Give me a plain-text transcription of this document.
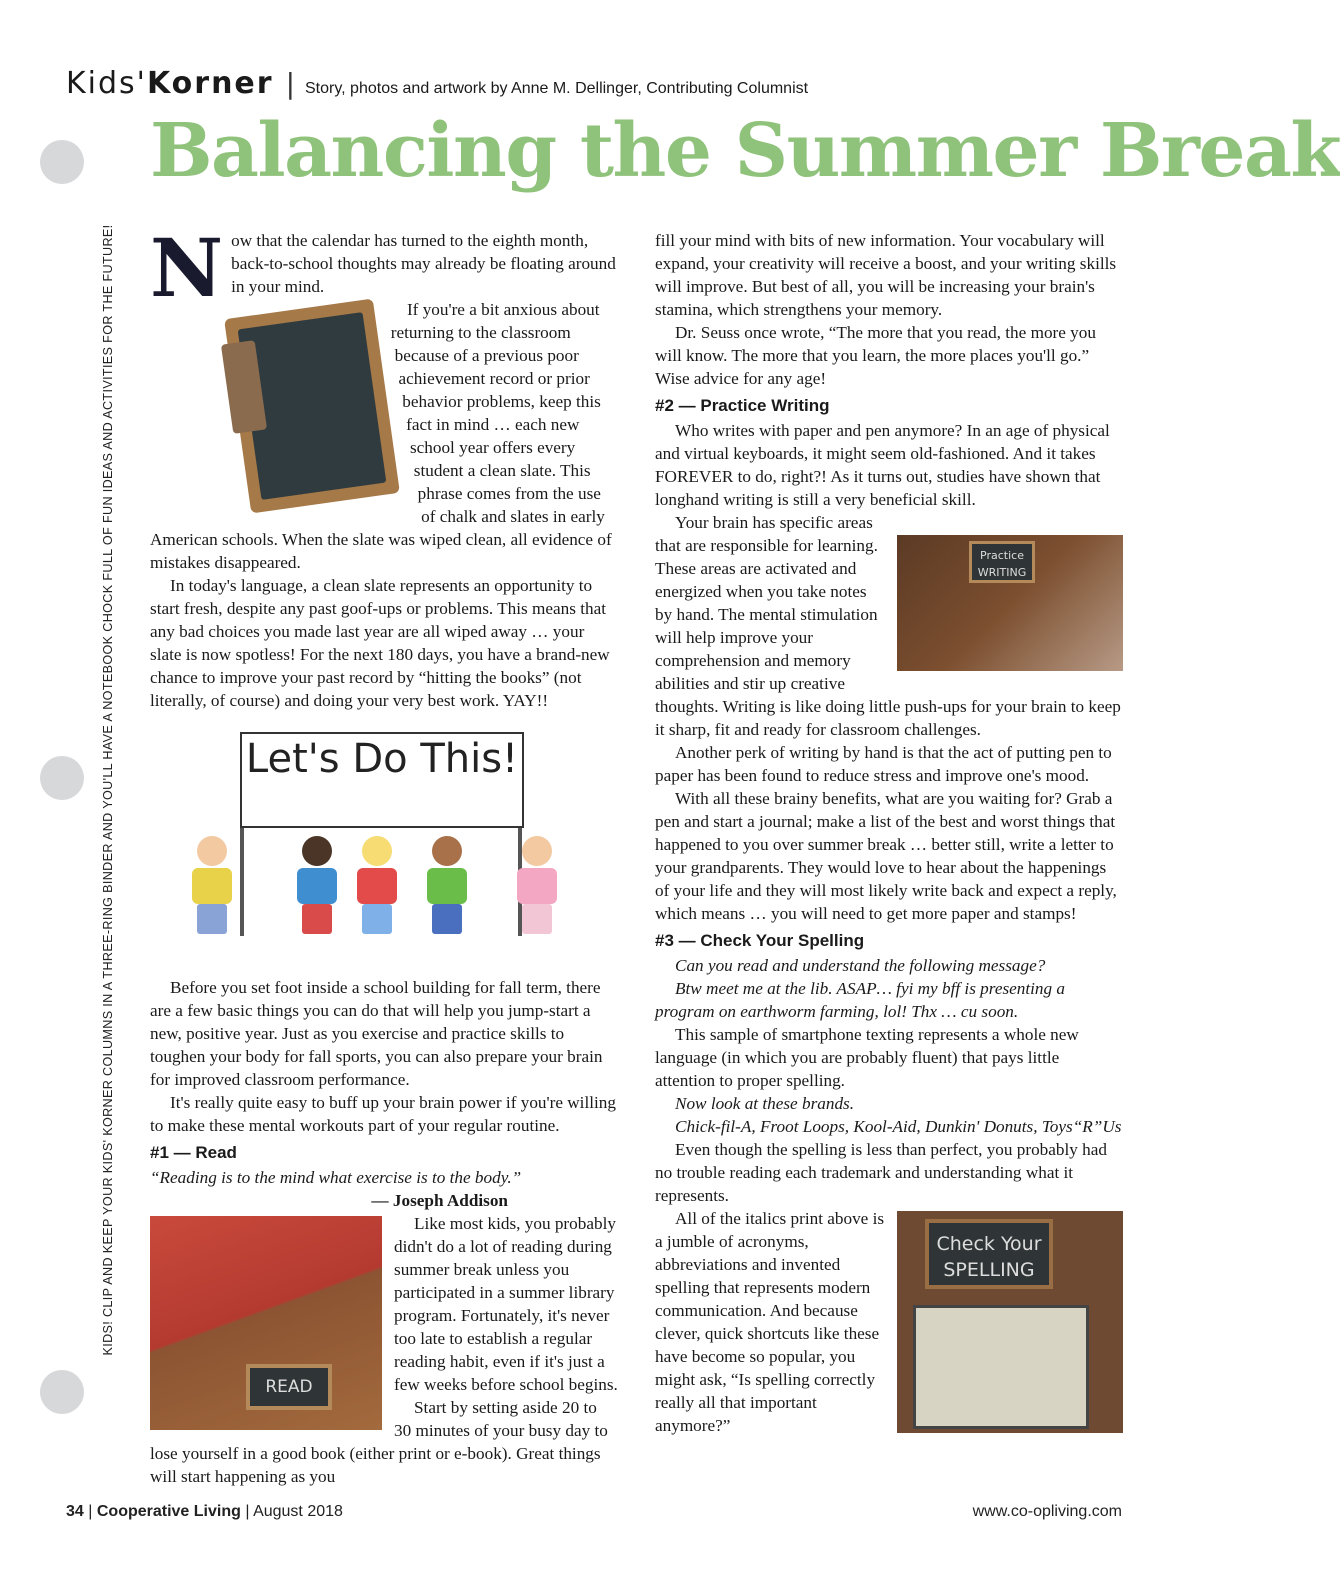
KIDS! CLIP AND KEEP YOUR KIDS' KORNER COLUMNS IN A THREE-RING BINDER AND YOU'LL HAVE A NOTEBOOK CHOCK FULL OF FUN IDEAS AND ACTIVITIES FOR THE FUTURE!
Kids'Korner | Story, photos and artwork by Anne M. Dellinger, Contributing Columnist
Balancing the Summer Break

Now that the calendar has turned to the eighth month, back-to-school thoughts may already be floating around in your mind.

If you're a bit anxious about returning to the classroom because of a previous poor achievement record or prior behavior problems, keep this fact in mind … each new school year offers every student a clean slate. This phrase comes from the use of chalk and slates in early American schools. When the slate was wiped clean, all evidence of mistakes disappeared.

In today's language, a clean slate represents an opportunity to start fresh, despite any past goof-ups or problems. This means that any bad choices you made last year are all wiped away … your slate is now spotless! For the next 180 days, you have a brand-new chance to improve your past record by “hitting the books” (not literally, of course) and doing your very best work. YAY!!

Let's Do This!

Before you set foot inside a school building for fall term, there are a few basic things you can do that will help you jump-start a new, positive year. Just as you exercise and practice skills to toughen your body for fall sports, you can also prepare your brain for improved classroom performance.

It's really quite easy to buff up your brain power if you're willing to make these mental workouts part of your regular routine.

#1 — Read

“Reading is to the mind what exercise is to the body.”

— Joseph Addison

READ

Like most kids, you probably didn't do a lot of reading during summer break unless you participated in a summer library program. Fortunately, it's never too late to establish a regular reading habit, even if it's just a few weeks before school begins.

Start by setting aside 20 to 30 minutes of your busy day to lose yourself in a good book (either print or e-book). Great things will start happening as you

fill your mind with bits of new information. Your vocabulary will expand, your creativity will receive a boost, and your writing skills will improve. But best of all, you will be increasing your brain's stamina, which strengthens your memory.

Dr. Seuss once wrote, “The more that you read, the more you will know. The more that you learn, the more places you'll go.” Wise advice for any age!

#2 — Practice Writing

Who writes with paper and pen anymore? In an age of physical and virtual keyboards, it might seem old-fashioned. And it takes FOREVER to do, right?! As it turns out, studies have shown that longhand writing is still a very beneficial skill.

Practice
WRITING

Your brain has specific areas that are responsible for learning. These areas are activated and energized when you take notes by hand. The mental stimulation will help improve your comprehension and memory abilities and stir up creative thoughts. Writing is like doing little push-ups for your brain to keep it sharp, fit and ready for classroom challenges.

Another perk of writing by hand is that the act of putting pen to paper has been found to reduce stress and improve one's mood.

With all these brainy benefits, what are you waiting for? Grab a pen and start a journal; make a list of the best and worst things that happened to you over summer break … better still, write a letter to your grandparents. They would love to hear about the happenings of your life and they will most likely write back and expect a reply, which means … you will need to get more paper and stamps!

#3 — Check Your Spelling

Can you read and understand the following message?

Btw meet me at the lib. ASAP… fyi my bff is presenting a program on earthworm farming, lol! Thx … cu soon.

This sample of smartphone texting represents a whole new language (in which you are probably fluent) that pays little attention to proper spelling.

Now look at these brands.

Chick-fil-A, Froot Loops, Kool-Aid, Dunkin' Donuts, Toys“R”Us

Even though the spelling is less than perfect, you probably had no trouble reading each trademark and understanding what it represents.

Check Your
SPELLING

All of the italics print above is a jumble of acronyms, abbreviations and invented spelling that represents modern communication. And because clever, quick shortcuts like these have become so popular, you might ask, “Is spelling correctly really all that important anymore?”

34 | Cooperative Living | August 2018	www.co-opliving.com
